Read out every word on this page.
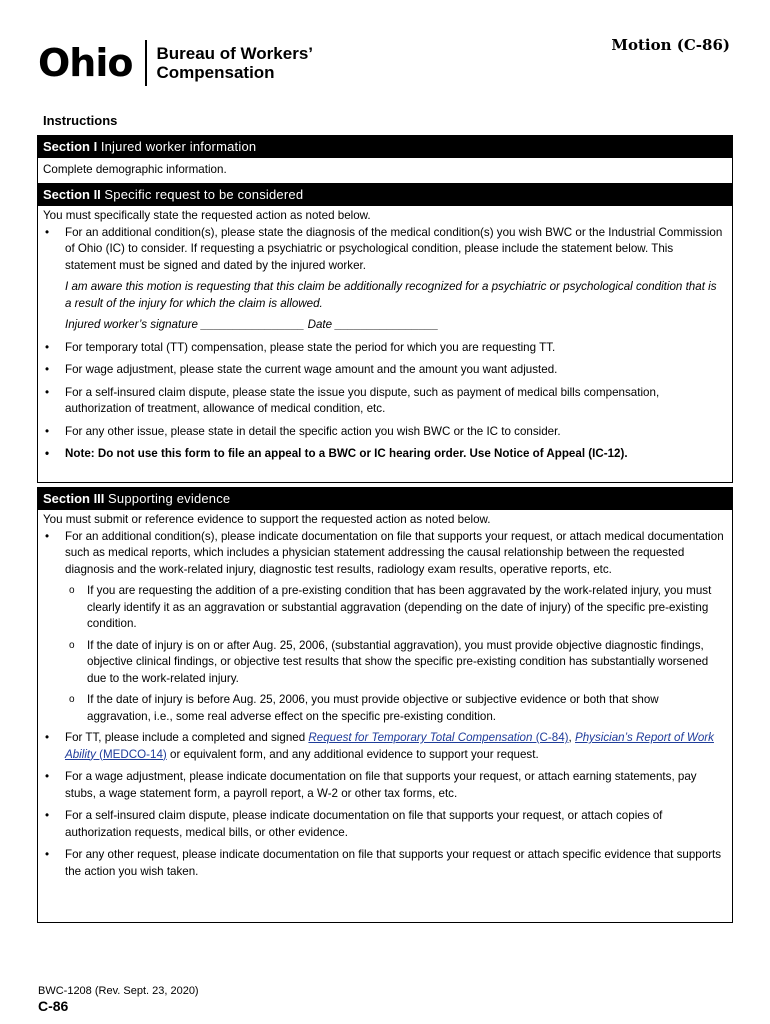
Ohio Bureau of Workers’
Compensation
Motion (C-86)
Instructions
Section I Injured worker information
Complete demographic information.
Section II Specific request to be considered
You must specifically state the requested action as noted below.
•	For an additional condition(s), please state the diagnosis of the medical condition(s) you wish BWC or the Industrial Commission of Ohio (IC) to consider. If requesting a psychiatric or psychological condition, please include the statement below. This statement must be signed and dated by the injured worker.
I am aware this motion is requesting that this claim be additionally recognized for a psychiatric or psychological condition that is a result of the injury for which the claim is allowed.
Injured worker’s signature ________________ Date ________________
•	For temporary total (TT) compensation, please state the period for which you are requesting TT.
•	For wage adjustment, please state the current wage amount and the amount you want adjusted.
•	For a self-insured claim dispute, please state the issue you dispute, such as payment of medical bills compensation, authorization of treatment, allowance of medical condition, etc.
•	For any other issue, please state in detail the specific action you wish BWC or the IC to consider.
•	Note: Do not use this form to file an appeal to a BWC or IC hearing order. Use Notice of Appeal (IC-12).
Section III Supporting evidence
You must submit or reference evidence to support the requested action as noted below.
•	For an additional condition(s), please indicate documentation on file that supports your request, or attach medical documentation such as medical reports, which includes a physician statement addressing the causal relationship between the requested diagnosis and the work-related injury, diagnostic test results, radiology exam results, operative reports, etc.
o	If you are requesting the addition of a pre-existing condition that has been aggravated by the work-related injury, you must clearly identify it as an aggravation or substantial aggravation (depending on the date of injury) of the specific pre-existing condition.
o	If the date of injury is on or after Aug. 25, 2006, (substantial aggravation), you must provide objective diagnostic findings, objective clinical findings, or objective test results that show the specific pre-existing condition has substantially worsened due to the work-related injury.
o	If the date of injury is before Aug. 25, 2006, you must provide objective or subjective evidence or both that show aggravation, i.e., some real adverse effect on the specific pre-existing condition.
•	For TT, please include a completed and signed Request for Temporary Total Compensation (C-84), Physician’s Report of Work Ability (MEDCO-14) or equivalent form, and any additional evidence to support your request.
•	For a wage adjustment, please indicate documentation on file that supports your request, or attach earning statements, pay stubs, a wage statement form, a payroll report, a W-2 or other tax forms, etc.
•	For a self-insured claim dispute, please indicate documentation on file that supports your request, or attach copies of authorization requests, medical bills, or other evidence.
•	For any other request, please indicate documentation on file that supports your request or attach specific evidence that supports the action you wish taken.
BWC-1208 (Rev. Sept. 23, 2020)
C-86
